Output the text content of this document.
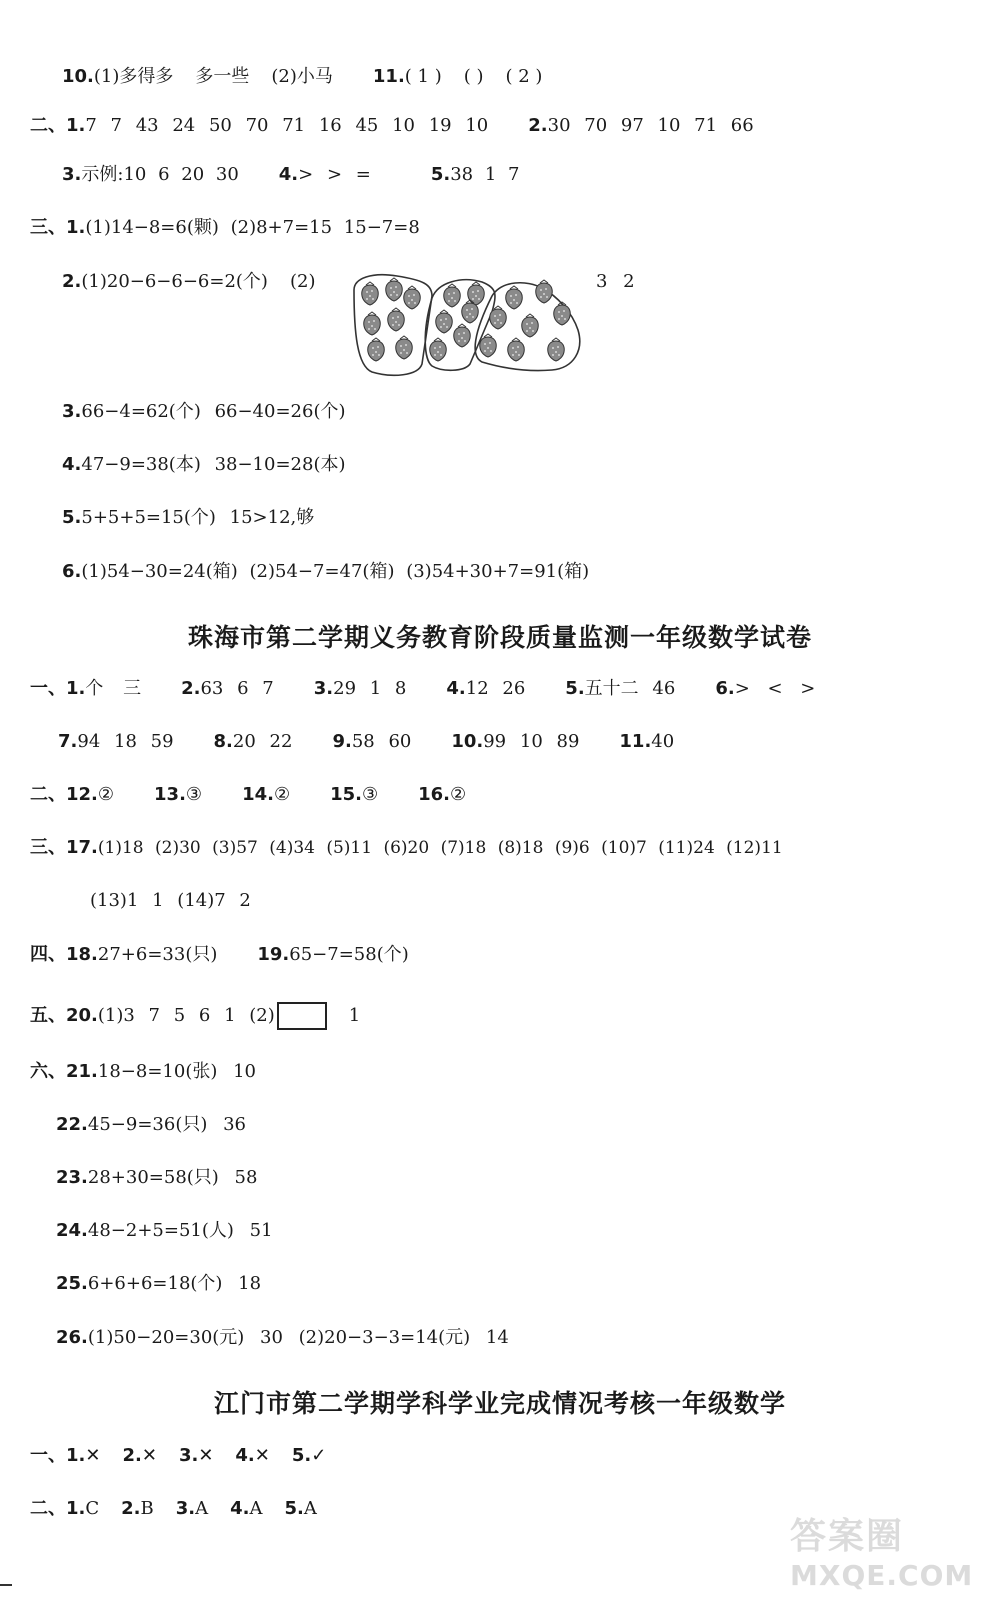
10.(1)多得多 多一些 (2)小马 11.( 1 ) ( ) ( 2 )
二、1.7 7 43 24 50 70 71 16 45 10 19 10 2.30 70 97 10 71 66
3.示例:10 6 20 30 4.> > =	5.38 1 7
三、1.(1)14−8=6(颗) (2)8+7=15 15−7=8
2.(1)20−6−6−6=2(个) (2)	3 2
3.66−4=62(个) 66−40=26(个)
4.47−9=38(本) 38−10=28(本)
5.5+5+5=15(个) 15>12,够
6.(1)54−30=24(箱) (2)54−7=47(箱) (3)54+30+7=91(箱)
珠海市第二学期义务教育阶段质量监测一年级数学试卷
一、1.个 三 2.63 6 7 3.29 1 8 4.12 26 5.五十二 46 6.> < >
7.94 18 59 8.20 22 9.58 60 10.99 10 89 11.40
二、12.② 13.③ 14.② 15.③ 16.②
三、17.(1)18 (2)30 (3)57 (4)34 (5)11 (6)20 (7)18 (8)18 (9)6 (10)7 (11)24 (12)11
(13)1 1 (14)7 2
四、18.27+6=33(只) 19.65−7=58(个)
五、20.(1)3 7 5 6 1 (2)	1
六、21.18−8=10(张) 10
22.45−9=36(只) 36
23.28+30=58(只) 58
24.48−2+5=51(人) 51
25.6+6+6=18(个) 18
26.(1)50−20=30(元) 30 (2)20−3−3=14(元) 14
江门市第二学期学科学业完成情况考核一年级数学
一、1.✕ 2.✕ 3.✕ 4.✕ 5.✓
二、1.C 2.B 3.A 4.A 5.A
答案圈
MXQE.COM
